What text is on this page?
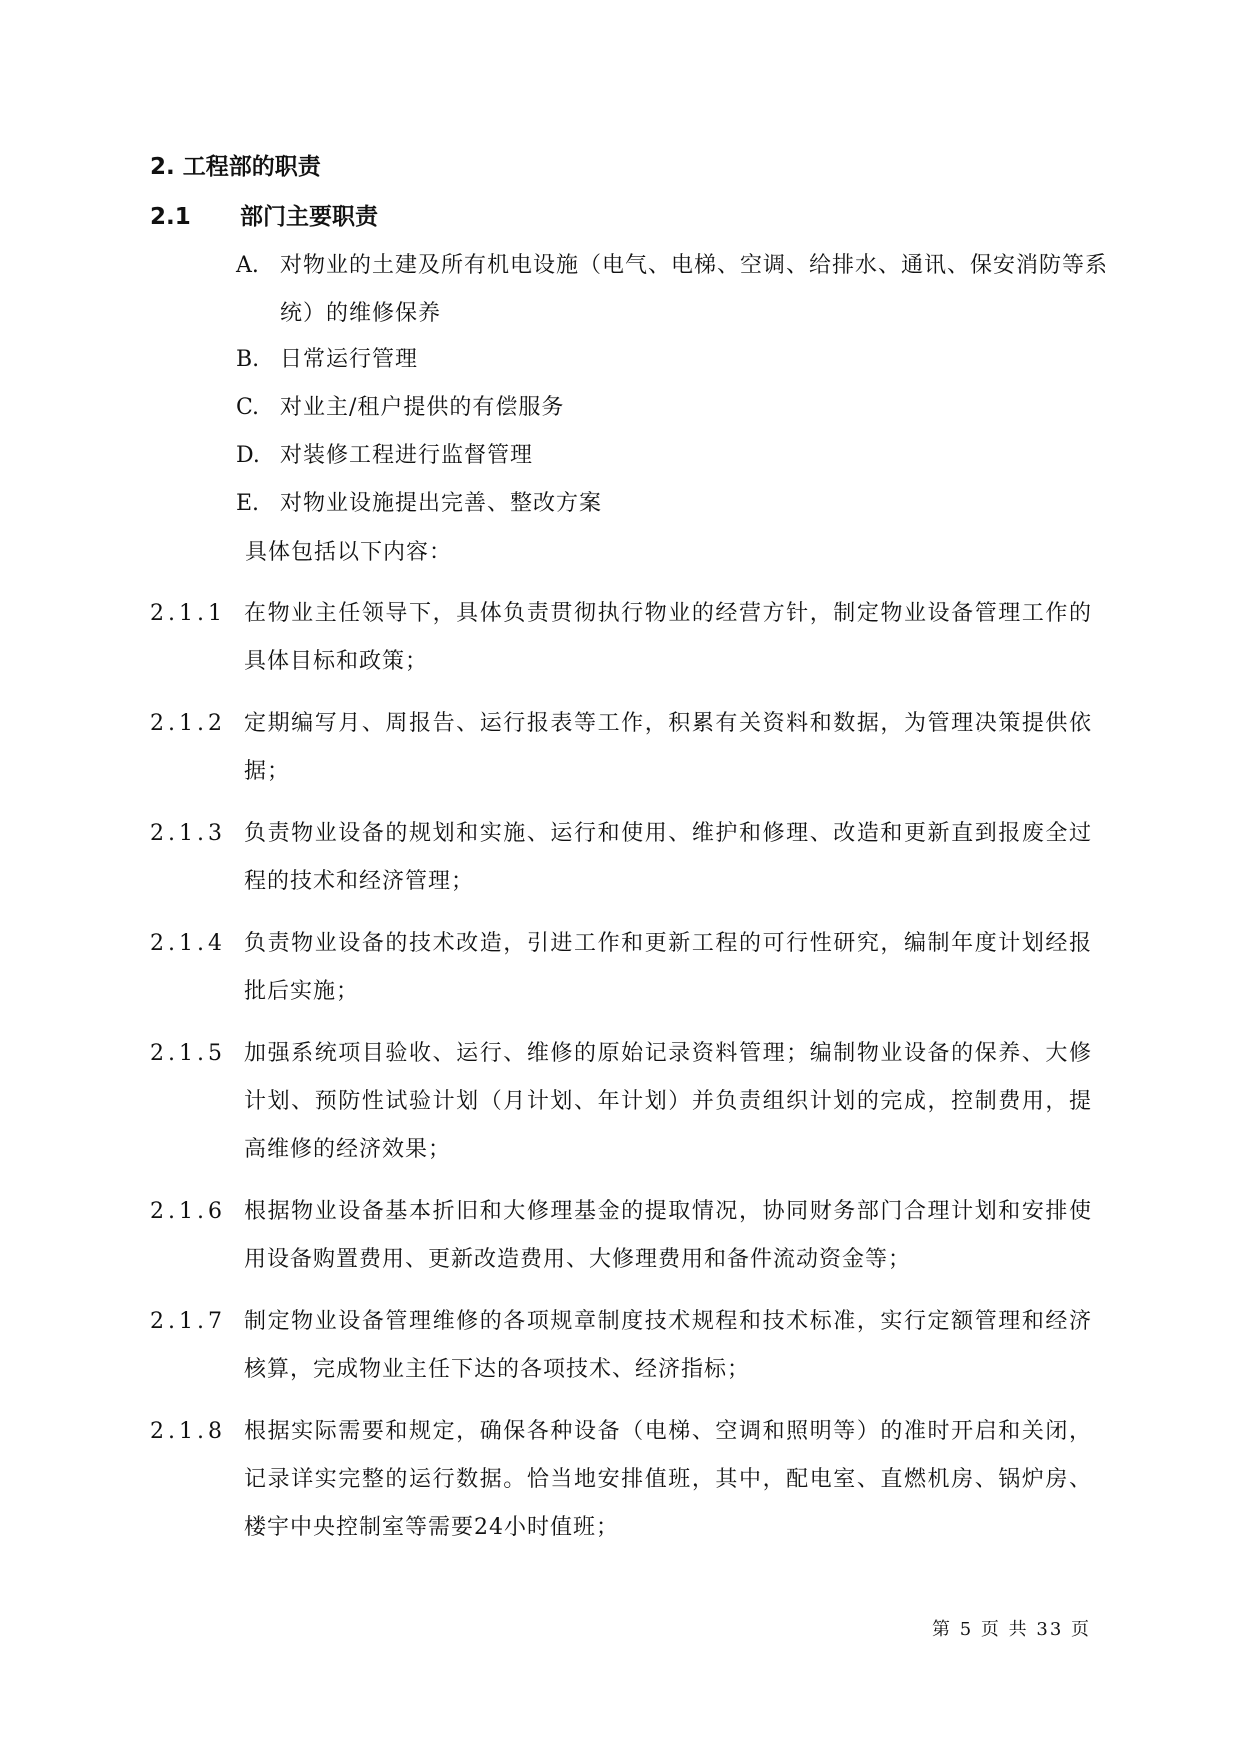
2. 工程部的职责
2.1 部门主要职责
A. 对物业的土建及所有机电设施（电气、电梯、空调、给排水、通讯、保安消防等系统）的维修保养
B. 日常运行管理
C. 对业主/租户提供的有偿服务
D. 对装修工程进行监督管理
E. 对物业设施提出完善、整改方案
具体包括以下内容：
2.1.1 在物业主任领导下，具体负责贯彻执行物业的经营方针，制定物业设备管理工作的具体目标和政策；
2.1.2 定期编写月、周报告、运行报表等工作，积累有关资料和数据，为管理决策提供依据；
2.1.3 负责物业设备的规划和实施、运行和使用、维护和修理、改造和更新直到报废全过程的技术和经济管理；
2.1.4 负责物业设备的技术改造，引进工作和更新工程的可行性研究，编制年度计划经报批后实施；
2.1.5 加强系统项目验收、运行、维修的原始记录资料管理；编制物业设备的保养、大修计划、预防性试验计划（月计划、年计划）并负责组织计划的完成，控制费用，提高维修的经济效果；
2.1.6 根据物业设备基本折旧和大修理基金的提取情况，协同财务部门合理计划和安排使用设备购置费用、更新改造费用、大修理费用和备件流动资金等；
2.1.7 制定物业设备管理维修的各项规章制度技术规程和技术标准，实行定额管理和经济核算，完成物业主任下达的各项技术、经济指标；
2.1.8 根据实际需要和规定，确保各种设备（电梯、空调和照明等）的准时开启和关闭，记录详实完整的运行数据。恰当地安排值班，其中，配电室、直燃机房、锅炉房、楼宇中央控制室等需要24小时值班；
第 5 页 共 33 页
